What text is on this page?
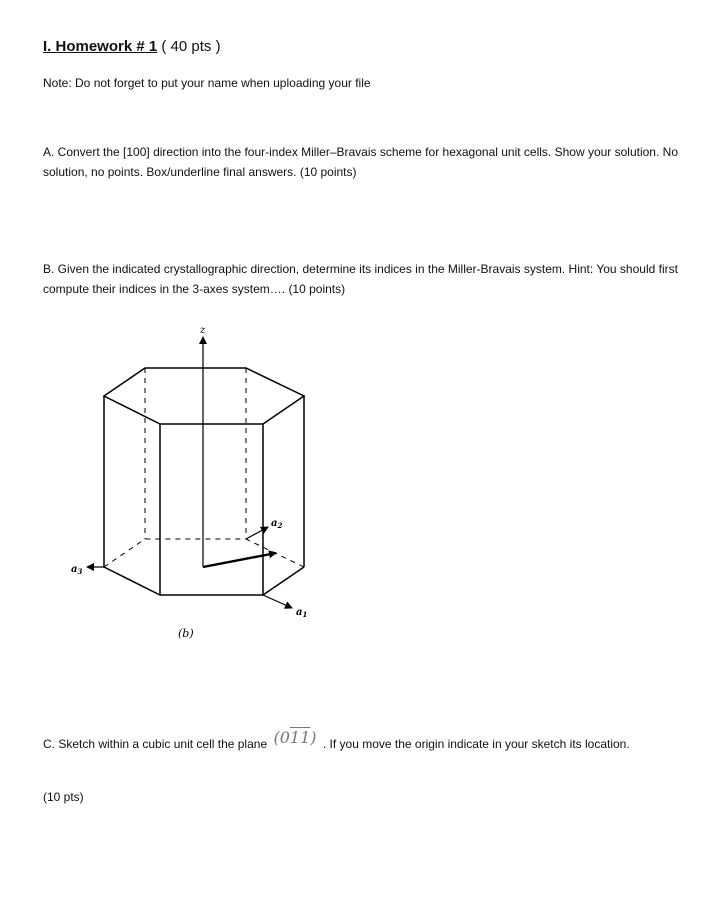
I. Homework # 1 ( 40 pts )
Note: Do not forget to put your name when uploading your file
A. Convert the [100] direction into the four-index Miller–Bravais scheme for hexagonal unit cells. Show your solution. No solution, no points. Box/underline final answers. (10 points)
B. Given the indicated crystallographic direction, determine its indices in the Miller-Bravais system. Hint: You should first compute their indices in the 3-axes system…. (10 points)
z
$a_3$
$a_1$
$a_2$
(b)
C. Sketch within a cubic unit cell the plane (011) . If you move the origin indicate in your sketch its location.
(10 pts)
